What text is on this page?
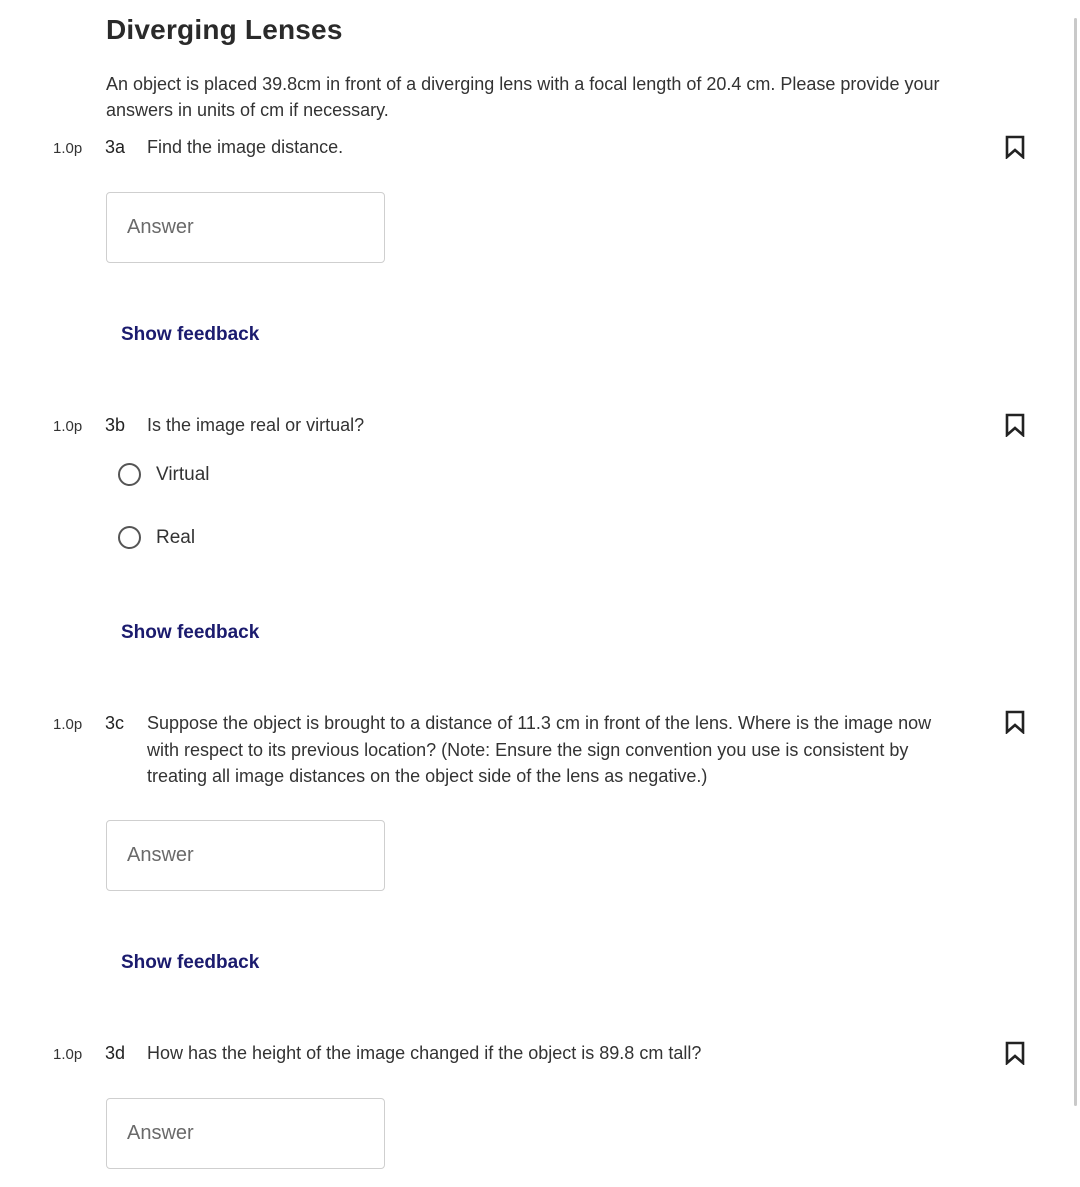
Diverging Lenses
An object is placed 39.8cm in front of a diverging lens with a focal length of 20.4 cm. Please provide your answers in units of cm if necessary.
1.0p 3a Find the image distance.
Answer
Show feedback
1.0p 3b Is the image real or virtual?
Virtual
Real
Show feedback
1.0p 3c Suppose the object is brought to a distance of 11.3 cm in front of the lens. Where is the image now with respect to its previous location? (Note: Ensure the sign convention you use is consistent by treating all image distances on the object side of the lens as negative.)
Answer
Show feedback
1.0p 3d How has the height of the image changed if the object is 89.8 cm tall?
Answer
